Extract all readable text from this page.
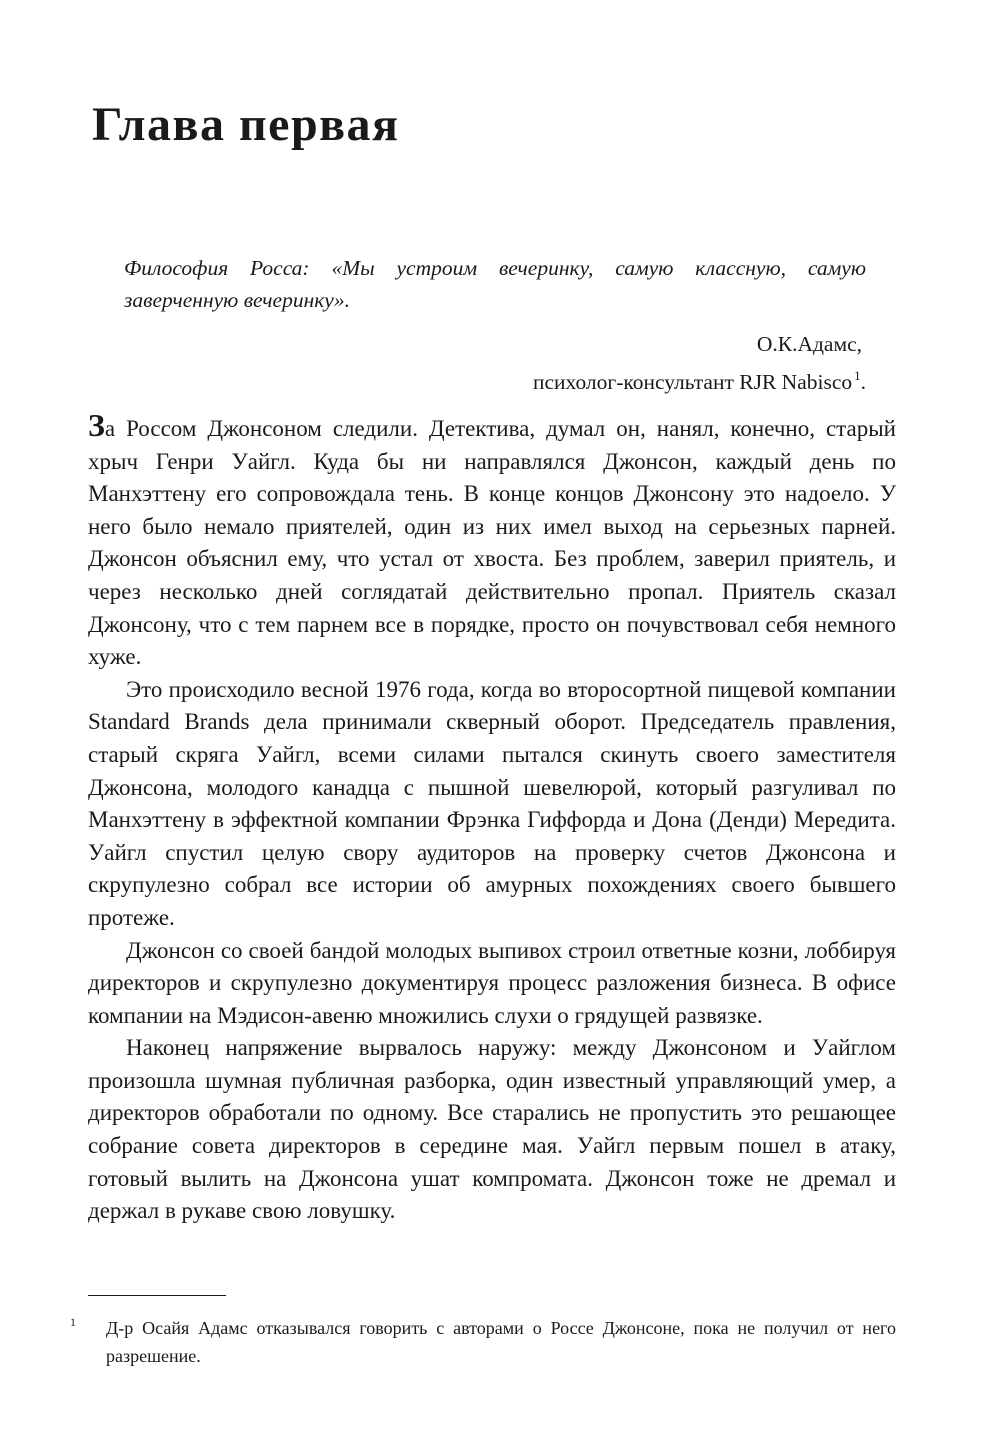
Глава первая

Философия Росса: «Мы устроим вечеринку, самую классную, самую заверченную вечеринку».

О.К.Адамс,
психолог-консультант RJR Nabisco $^1$.

За Россом Джонсоном следили. Детектива, думал он, нанял, конечно, старый хрыч Генри Уайгл. Куда бы ни направлялся Джонсон, каждый день по Манхэттену его сопровождала тень. В конце концов Джонсону это надоело. У него было немало приятелей, один из них имел выход на серьезных парней. Джонсон объяснил ему, что устал от хвоста. Без проблем, заверил приятель, и через несколько дней соглядатай действительно пропал. Приятель сказал Джонсону, что с тем парнем все в порядке, просто он почувствовал себя немного хуже.

Это происходило весной 1976 года, когда во второсортной пищевой компании Standard Brands дела принимали скверный оборот. Председатель правления, старый скряга Уайгл, всеми силами пытался скинуть своего заместителя Джонсона, молодого канадца с пышной шевелюрой, который разгуливал по Манхэттену в эффектной компании Фрэнка Гиффорда и Дона (Денди) Мередита. Уайгл спустил целую свору аудиторов на проверку счетов Джонсона и скрупулезно собрал все истории об амурных похождениях своего бывшего протеже.

Джонсон со своей бандой молодых выпивох строил ответные козни, лоббируя директоров и скрупулезно документируя процесс разложения бизнеса. В офисе компании на Мэдисон-авеню множились слухи о грядущей развязке.

Наконец напряжение вырвалось наружу: между Джонсоном и Уайглом произошла шумная публичная разборка, один известный управляющий умер, а директоров обработали по одному. Все старались не пропустить это решающее собрание совета директоров в середине мая. Уайгл первым пошел в атаку, готовый вылить на Джонсона ушат компромата. Джонсон тоже не дремал и держал в рукаве свою ловушку.

1 Д-р Осайя Адамс отказывался говорить с авторами о Россе Джонсоне, пока не получил от него разрешение.
